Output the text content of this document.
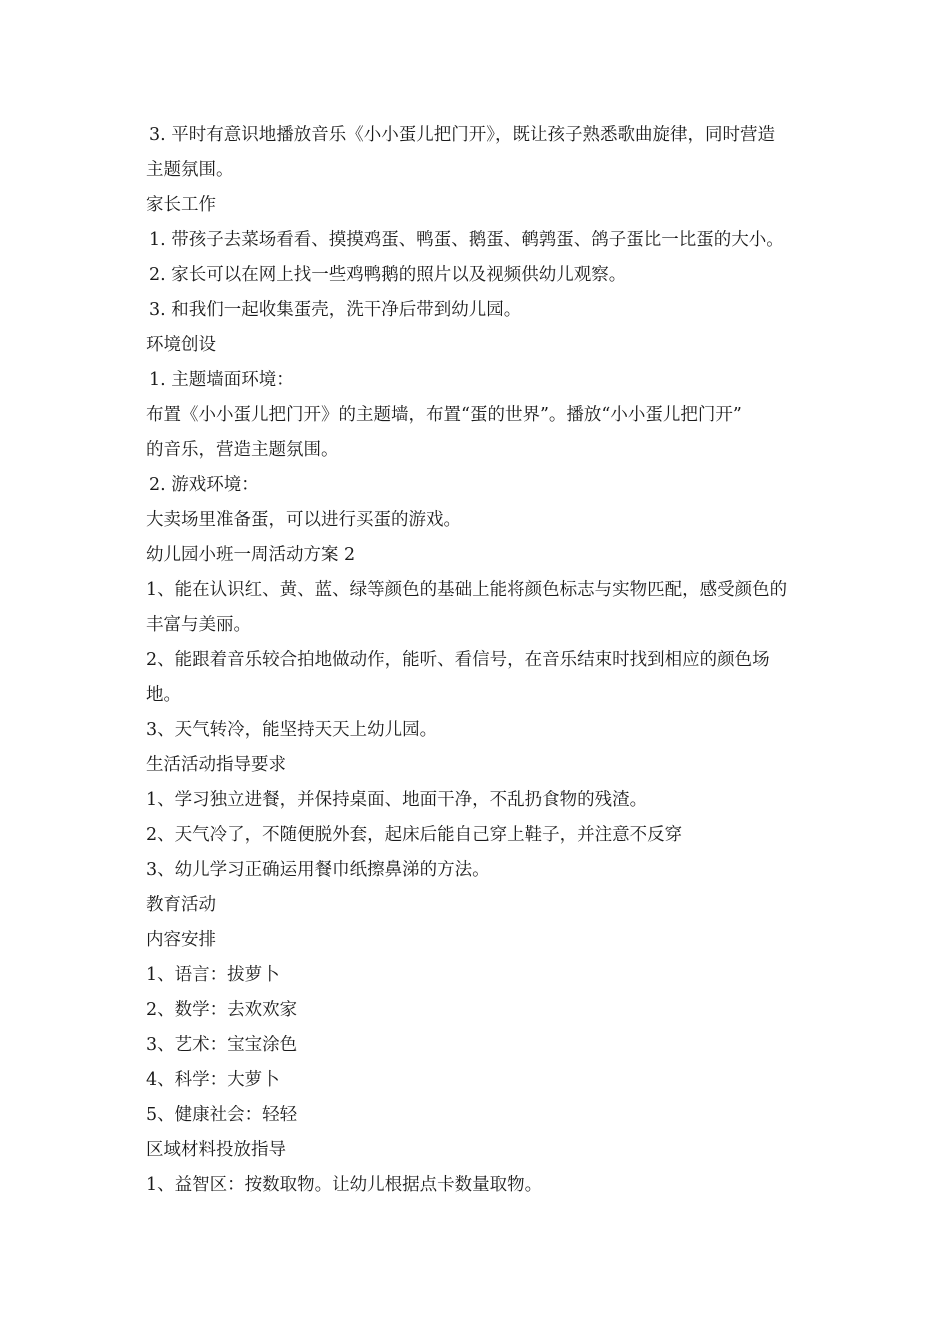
3. 平时有意识地播放音乐《小小蛋儿把门开》，既让孩子熟悉歌曲旋律，同时营造
主题氛围。
家长工作
1. 带孩子去菜场看看、摸摸鸡蛋、鸭蛋、鹅蛋、鹌鹑蛋、鸽子蛋比一比蛋的大小。
2. 家长可以在网上找一些鸡鸭鹅的照片以及视频供幼儿观察。
3. 和我们一起收集蛋壳，洗干净后带到幼儿园。
环境创设
1. 主题墙面环境：
布置《小小蛋儿把门开》的主题墙，布置“蛋的世界”。播放“小小蛋儿把门开”
的音乐，营造主题氛围。
2. 游戏环境：
大卖场里准备蛋，可以进行买蛋的游戏。
幼儿园小班一周活动方案 2
1、能在认识红、黄、蓝、绿等颜色的基础上能将颜色标志与实物匹配，感受颜色的
丰富与美丽。
2、能跟着音乐较合拍地做动作，能听、看信号，在音乐结束时找到相应的颜色场
地。
3、天气转冷，能坚持天天上幼儿园。
生活活动指导要求
1、学习独立进餐，并保持桌面、地面干净，不乱扔食物的残渣。
2、天气冷了，不随便脱外套，起床后能自己穿上鞋子，并注意不反穿
3、幼儿学习正确运用餐巾纸擦鼻涕的方法。
教育活动
内容安排
1、语言：拔萝卜
2、数学：去欢欢家
3、艺术：宝宝涂色
4、科学：大萝卜
5、健康社会：轻轻
区域材料投放指导
1、益智区：按数取物。让幼儿根据点卡数量取物。
